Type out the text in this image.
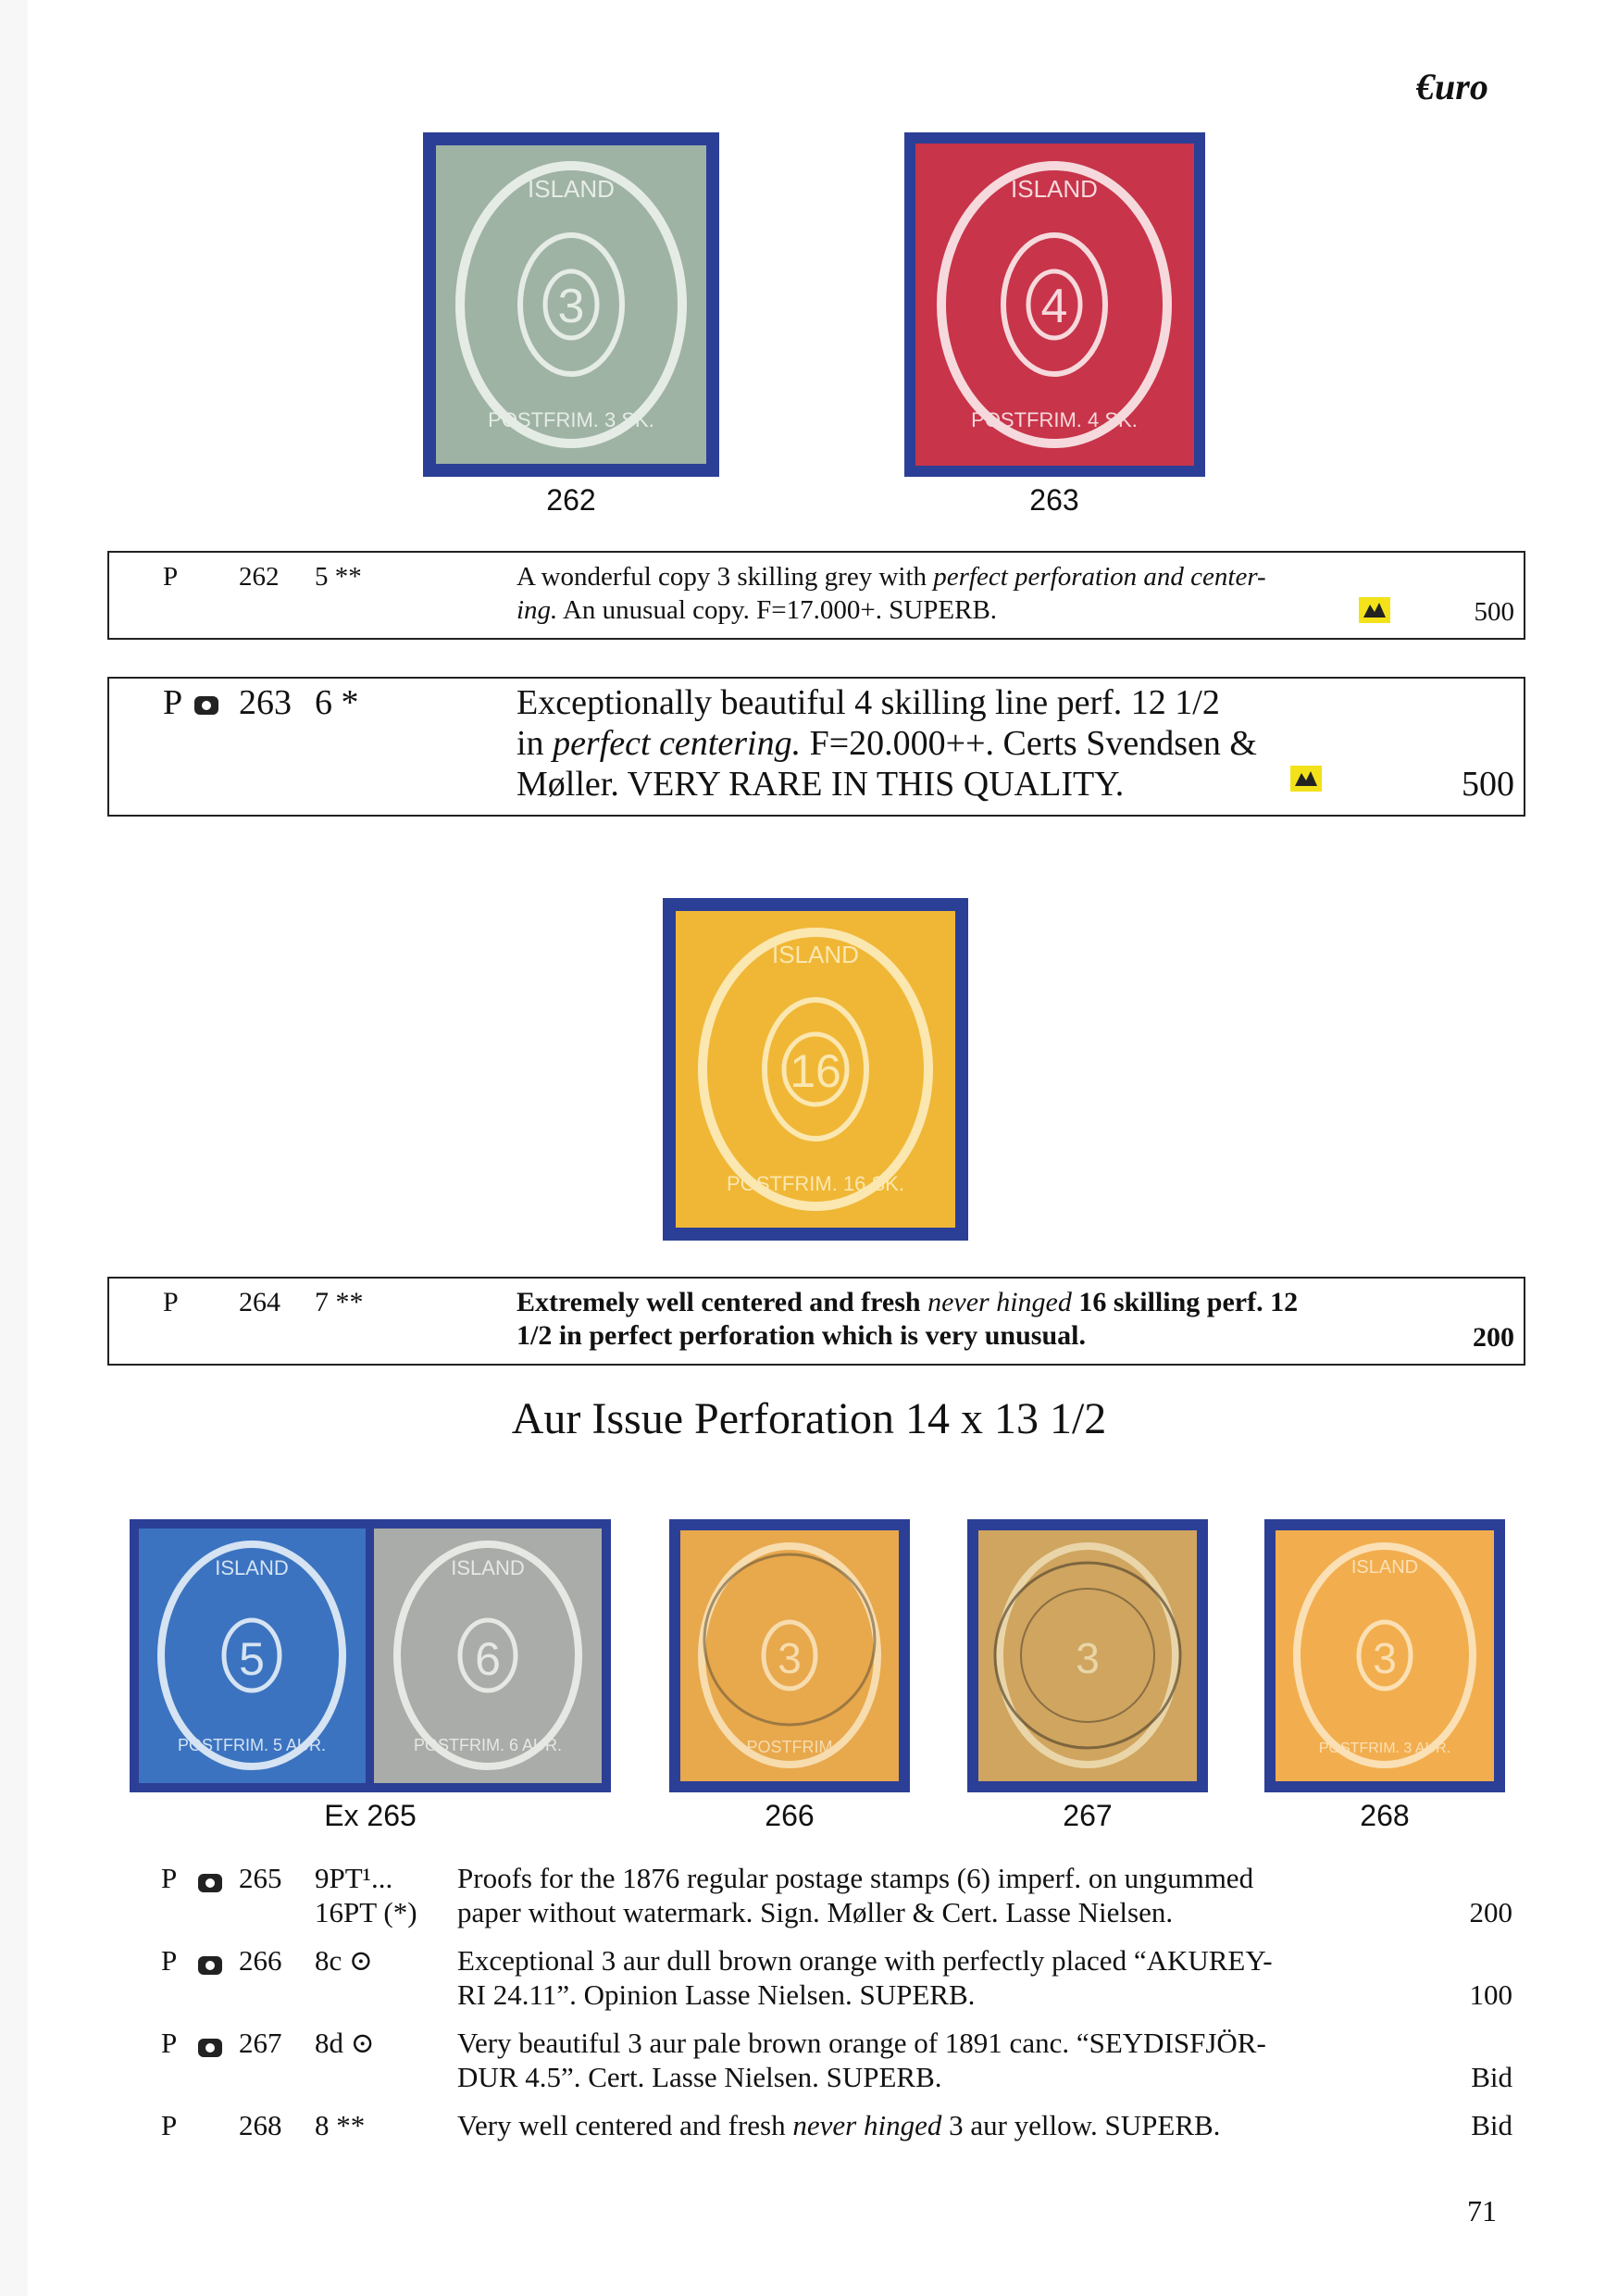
€uro
3
ISLAND
POSTFRIM. 3 SK.
262
4
ISLAND
POSTFRIM. 4 SK.
263
P 262 5 **	A wonderful copy 3 skilling grey with perfect perforation and center-
ing. An unusual copy. F=17.000+. SUPERB.	500
P 263 6 *	Exceptionally beautiful 4 skilling line perf. 12 1/2
in perfect centering. F=20.000++. Certs Svendsen &
Møller. VERY RARE IN THIS QUALITY.	500
16
ISLAND
POSTFRIM. 16 SK.
P 264 7 **	Extremely well centered and fresh never hinged 16 skilling perf. 12
1/2 in perfect perforation which is very unusual.	200
Aur Issue Perforation 14 x 13 1/2
5
ISLAND
POSTFRIM. 5 AUR.
6
ISLAND
POSTFRIM. 6 AUR.
Ex 265
3
POSTFRIM
266
3
267
3
ISLAND
POSTFRIM. 3 AUR.
268
P 265 9PT¹...
16PT (*)
Proofs for the 1876 regular postage stamps (6) imperf. on ungummed
paper without watermark. Sign. Møller & Cert. Lasse Nielsen.	200
P 266 8c ⊙	Exceptional 3 aur dull brown orange with perfectly placed “AKUREY-
RI 24.11”. Opinion Lasse Nielsen. SUPERB.	100
P 267 8d ⊙	Very beautiful 3 aur pale brown orange of 1891 canc. “SEYDISFJÖR-
DUR 4.5”. Cert. Lasse Nielsen. SUPERB.	Bid
P 268 8 **	Very well centered and fresh never hinged 3 aur yellow. SUPERB.	Bid
71
